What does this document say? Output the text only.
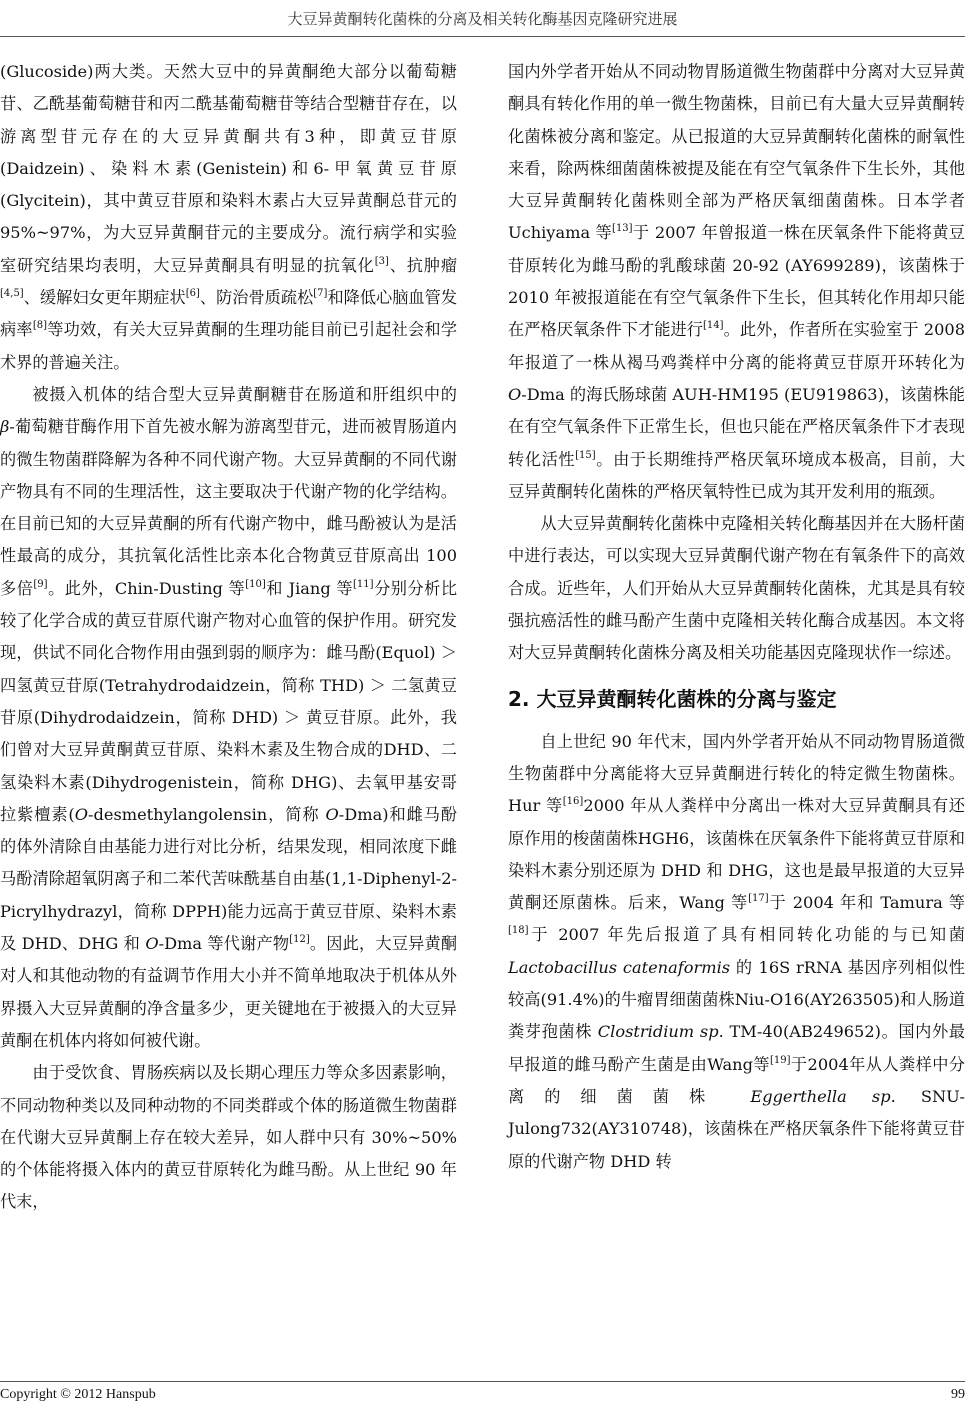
大豆异黄酮转化菌株的分离及相关转化酶基因克隆研究进展

(Glucoside)两大类。天然大豆中的异黄酮绝大部分以葡萄糖苷、乙酰基葡萄糖苷和丙二酰基葡萄糖苷等结合型糖苷存在，以游离型苷元存在的大豆异黄酮共有3种，即黄豆苷原(Daidzein)、染料木素(Genistein)和6-甲氧黄豆苷原(Glycitein)，其中黄豆苷原和染料木素占大豆异黄酮总苷元的 95%~97%，为大豆异黄酮苷元的主要成分。流行病学和实验室研究结果均表明，大豆异黄酮具有明显的抗氧化[3]、抗肿瘤[4,5]、缓解妇女更年期症状[6]、防治骨质疏松[7]和降低心脑血管发病率[8]等功效，有关大豆异黄酮的生理功能目前已引起社会和学术界的普遍关注。

被摄入机体的结合型大豆异黄酮糖苷在肠道和肝组织中的 β-葡萄糖苷酶作用下首先被水解为游离型苷元，进而被胃肠道内的微生物菌群降解为各种不同代谢产物。大豆异黄酮的不同代谢产物具有不同的生理活性，这主要取决于代谢产物的化学结构。在目前已知的大豆异黄酮的所有代谢产物中，雌马酚被认为是活性最高的成分，其抗氧化活性比亲本化合物黄豆苷原高出 100 多倍[9]。此外，Chin-Dusting 等[10]和 Jiang 等[11]分别分析比较了化学合成的黄豆苷原代谢产物对心血管的保护作用。研究发现，供试不同化合物作用由强到弱的顺序为：雌马酚(Equol) ＞ 四氢黄豆苷原(Tetrahydrodaidzein，简称 THD) ＞ 二氢黄豆苷原(Dihydrodaidzein，简称 DHD) ＞ 黄豆苷原。此外，我们曾对大豆异黄酮黄豆苷原、染料木素及生物合成的DHD、二氢染料木素(Dihydrogenistein，简称 DHG)、去氧甲基安哥拉紫檀素(O-desmethylangolensin，简称 O-Dma)和雌马酚的体外清除自由基能力进行对比分析，结果发现，相同浓度下雌马酚清除超氧阴离子和二苯代苦味酰基自由基(1,1-Diphenyl-2-Picrylhydrazyl，简称 DPPH)能力远高于黄豆苷原、染料木素及 DHD、DHG 和 O-Dma 等代谢产物[12]。因此，大豆异黄酮对人和其他动物的有益调节作用大小并不简单地取决于机体从外界摄入大豆异黄酮的净含量多少，更关键地在于被摄入的大豆异黄酮在机体内将如何被代谢。

由于受饮食、胃肠疾病以及长期心理压力等众多因素影响，不同动物种类以及同种动物的不同类群或个体的肠道微生物菌群在代谢大豆异黄酮上存在较大差异，如人群中只有 30%~50%的个体能将摄入体内的黄豆苷原转化为雌马酚。从上世纪 90 年代末，

国内外学者开始从不同动物胃肠道微生物菌群中分离对大豆异黄酮具有转化作用的单一微生物菌株，目前已有大量大豆异黄酮转化菌株被分离和鉴定。从已报道的大豆异黄酮转化菌株的耐氧性来看，除两株细菌菌株被提及能在有空气氧条件下生长外，其他大豆异黄酮转化菌株则全部为严格厌氧细菌菌株。日本学者 Uchiyama 等[13]于 2007 年曾报道一株在厌氧条件下能将黄豆苷原转化为雌马酚的乳酸球菌 20-92 (AY699289)，该菌株于 2010 年被报道能在有空气氧条件下生长，但其转化作用却只能在严格厌氧条件下才能进行[14]。此外，作者所在实验室于 2008 年报道了一株从褐马鸡粪样中分离的能将黄豆苷原开环转化为 O-Dma 的海氏肠球菌 AUH-HM195 (EU919863)，该菌株能在有空气氧条件下正常生长，但也只能在严格厌氧条件下才表现转化活性[15]。由于长期维持严格厌氧环境成本极高，目前，大豆异黄酮转化菌株的严格厌氧特性已成为其开发利用的瓶颈。

从大豆异黄酮转化菌株中克隆相关转化酶基因并在大肠杆菌中进行表达，可以实现大豆异黄酮代谢产物在有氧条件下的高效合成。近些年，人们开始从大豆异黄酮转化菌株，尤其是具有较强抗癌活性的雌马酚产生菌中克隆相关转化酶合成基因。本文将对大豆异黄酮转化菌株分离及相关功能基因克隆现状作一综述。

2. 大豆异黄酮转化菌株的分离与鉴定

自上世纪 90 年代末，国内外学者开始从不同动物胃肠道微生物菌群中分离能将大豆异黄酮进行转化的特定微生物菌株。Hur 等[16]2000 年从人粪样中分离出一株对大豆异黄酮具有还原作用的梭菌菌株HGH6，该菌株在厌氧条件下能将黄豆苷原和染料木素分别还原为 DHD 和 DHG，这也是最早报道的大豆异黄酮还原菌株。后来，Wang 等[17]于 2004 年和 Tamura 等[18]于 2007 年先后报道了具有相同转化功能的与已知菌 Lactobacillus catenaformis 的 16S rRNA 基因序列相似性较高(91.4%)的牛瘤胃细菌菌株Niu-O16(AY263505)和人肠道粪芽孢菌株 Clostridium sp. TM-40(AB249652)。国内外最早报道的雌马酚产生菌是由Wang等[19]于2004年从人粪样中分离的细菌菌株 Eggerthella sp. SNU-Julong732(AY310748)，该菌株在严格厌氧条件下能将黄豆苷原的代谢产物 DHD 转

Copyright © 2012 Hanspub	99
